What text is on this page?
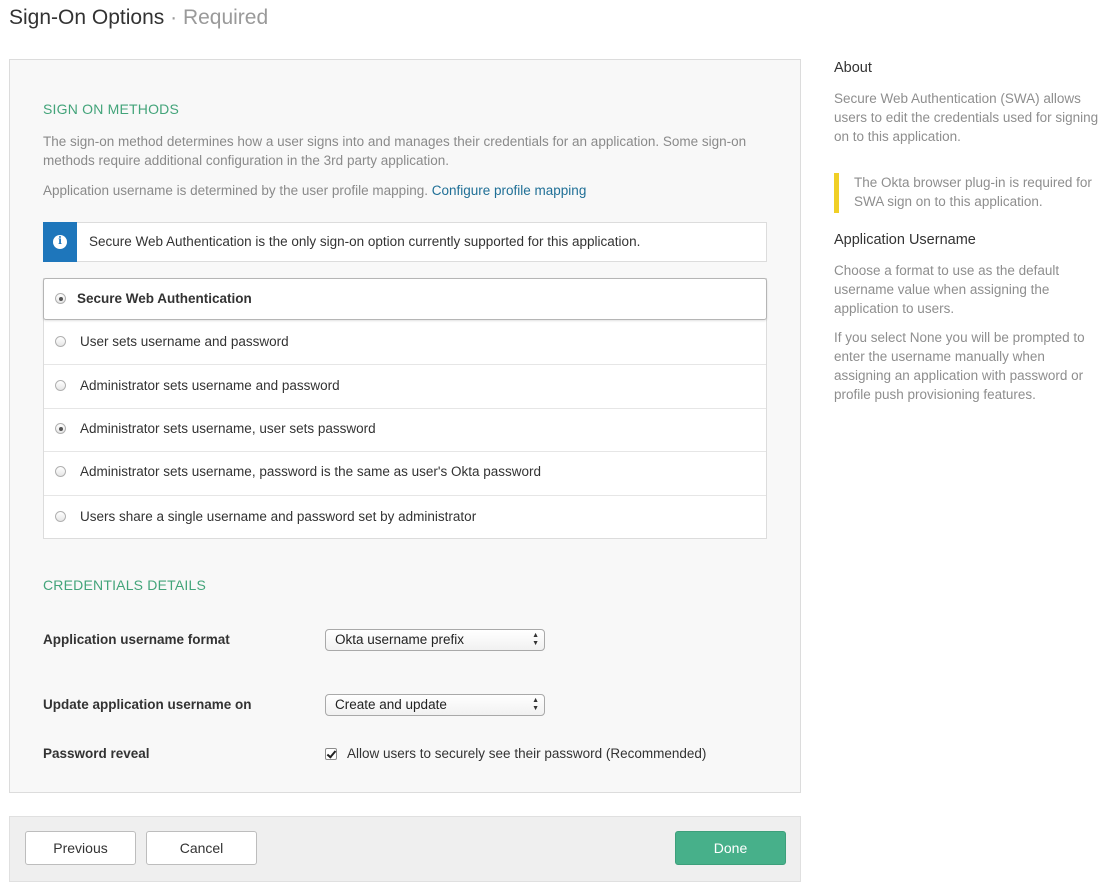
Sign-On Options · Required
SIGN ON METHODS
The sign-on method determines how a user signs into and manages their credentials for an application. Some sign-on methods require additional configuration in the 3rd party application.
Application username is determined by the user profile mapping. Configure profile mapping
i	Secure Web Authentication is the only sign-on option currently supported for this application.
Secure Web Authentication
User sets username and password
Administrator sets username and password
Administrator sets username, user sets password
Administrator sets username, password is the same as user's Okta password
Users share a single username and password set by administrator
CREDENTIALS DETAILS
Application username format	Okta username prefix	▲
▼
Update application username on	Create and update	▲
▼
Password reveal	Allow users to securely see their password (Recommended)
Previous	Cancel	Done
About
Secure Web Authentication (SWA) allows users to edit the credentials used for signing on to this application.
The Okta browser plug-in is required for SWA sign on to this application.
Application Username
Choose a format to use as the default username value when assigning the application to users.
If you select None you will be prompted to enter the username manually when assigning an application with password or profile push provisioning features.
